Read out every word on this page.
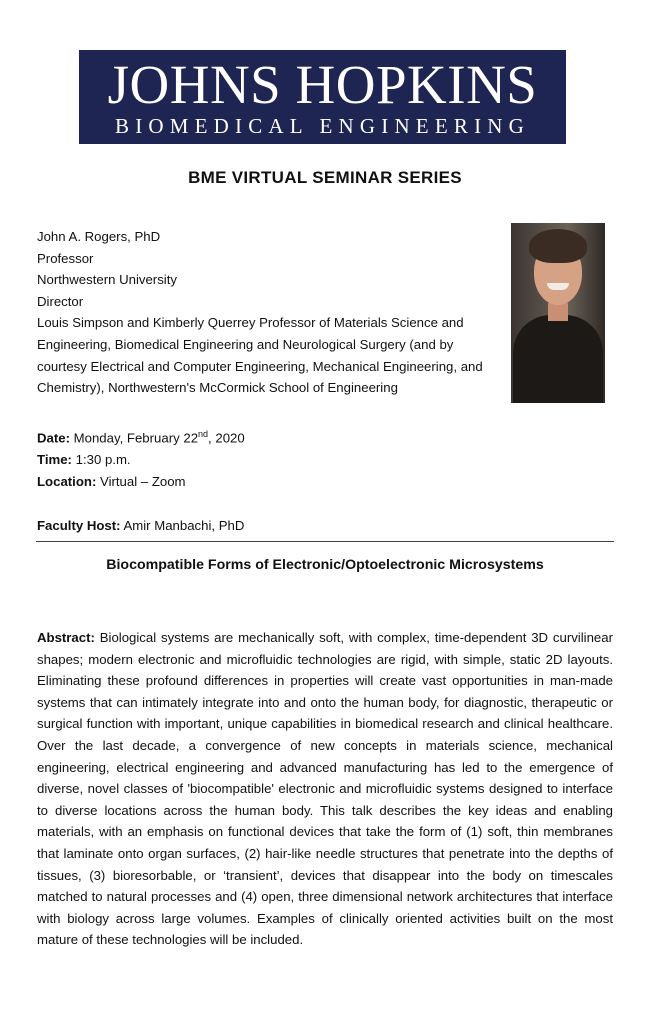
JOHNS HOPKINS
BIOMEDICAL ENGINEERING
BME VIRTUAL SEMINAR SERIES
John A. Rogers, PhD
Professor
Northwestern University
Director
Louis Simpson and Kimberly Querrey Professor of Materials Science and
Engineering, Biomedical Engineering and Neurological Surgery (and by
courtesy Electrical and Computer Engineering, Mechanical Engineering, and
Chemistry), Northwestern's McCormick School of Engineering
Date: Monday, February 22nd, 2020
Time: 1:30 p.m.
Location: Virtual – Zoom
Faculty Host: Amir Manbachi, PhD
Biocompatible Forms of Electronic/Optoelectronic Microsystems
Abstract: Biological systems are mechanically soft, with complex, time-dependent 3D curvilinear shapes; modern electronic and microfluidic technologies are rigid, with simple, static 2D layouts. Eliminating these profound differences in properties will create vast opportunities in man-made systems that can intimately integrate into and onto the human body, for diagnostic, therapeutic or surgical function with important, unique capabilities in biomedical research and clinical healthcare. Over the last decade, a convergence of new concepts in materials science, mechanical engineering, electrical engineering and advanced manufacturing has led to the emergence of diverse, novel classes of 'biocompatible' electronic and microfluidic systems designed to interface to diverse locations across the human body. This talk describes the key ideas and enabling materials, with an emphasis on functional devices that take the form of (1) soft, thin membranes that laminate onto organ surfaces, (2) hair-like needle structures that penetrate into the depths of tissues, (3) bioresorbable, or ‘transient’, devices that disappear into the body on timescales matched to natural processes and (4) open, three dimensional network architectures that interface with biology across large volumes. Examples of clinically oriented activities built on the most mature of these technologies will be included.
